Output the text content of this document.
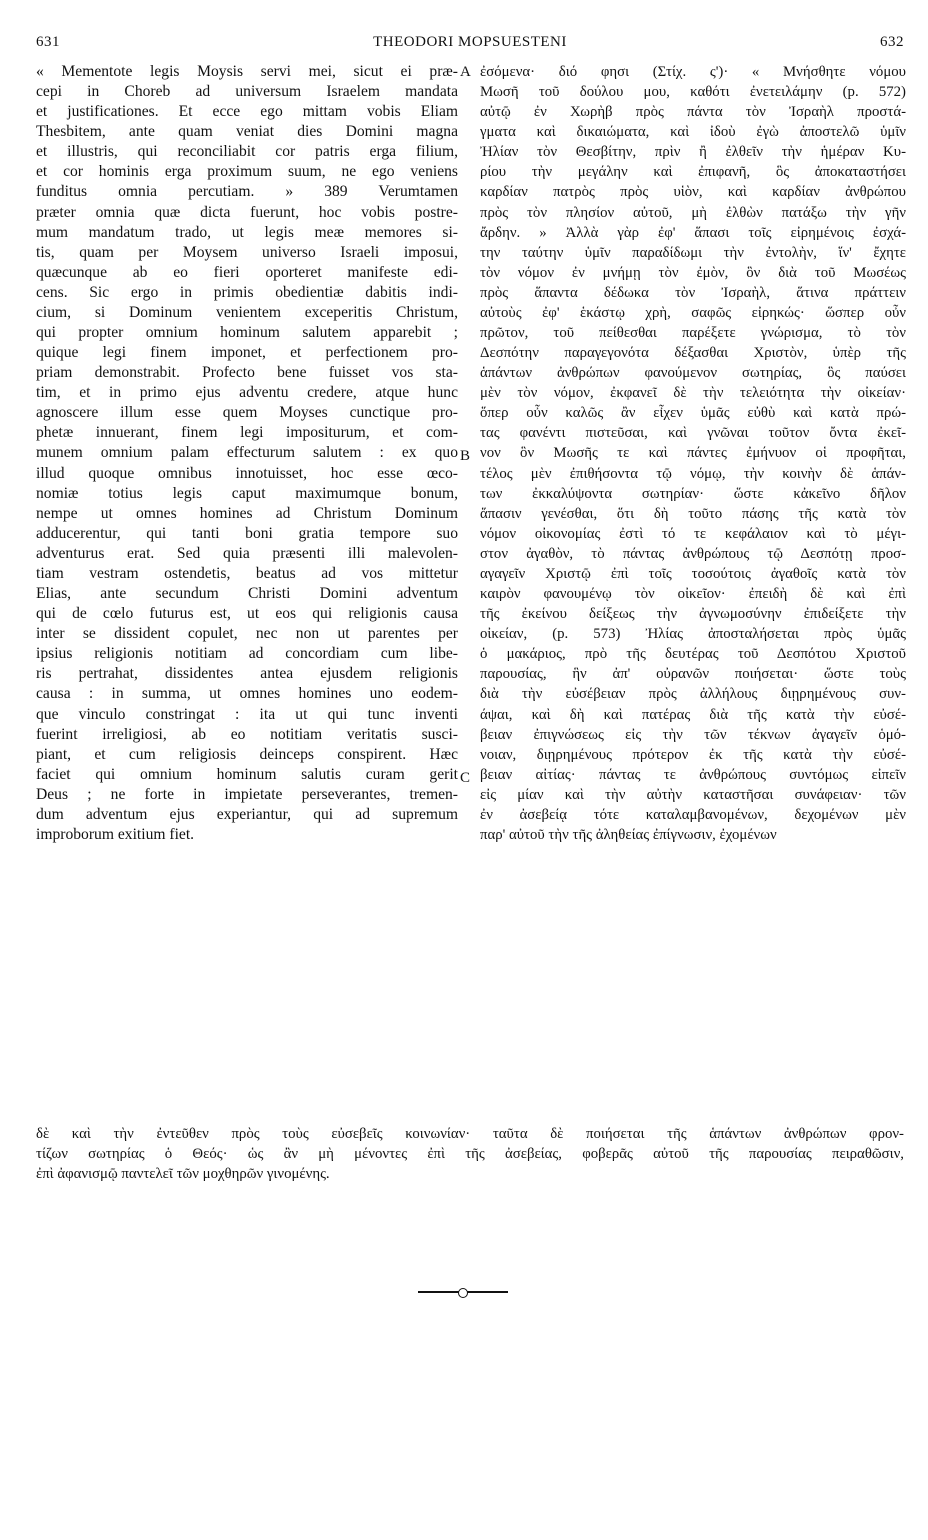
631	THEODORI MOPSUESTENI	632
« Mementote legis Moysis servi mei, sicut ei præ-
cepi in Choreb ad universum Israelem mandata
et justificationes. Et ecce ego mittam vobis Eliam
Thesbitem, ante quam veniat dies Domini magna
et illustris, qui reconciliabit cor patris erga filium,
et cor hominis erga proximum suum, ne ego veniens
funditus omnia percutiam. » 389 Verumtamen
præter omnia quæ dicta fuerunt, hoc vobis postre-
mum mandatum trado, ut legis meæ memores si-
tis, quam per Moysem universo Israeli imposui,
quæcunque ab eo fieri oporteret manifeste edi-
cens. Sic ergo in primis obedientiæ dabitis indi-
cium, si Dominum venientem exceperitis Christum,
qui propter omnium hominum salutem apparebit ;
quique legi finem imponet, et perfectionem pro-
priam demonstrabit. Profecto bene fuisset vos sta-
tim, et in primo ejus adventu credere, atque hunc
agnoscere illum esse quem Moyses cunctique pro-
phetæ innuerant, finem legi impositurum, et com-
munem omnium palam effecturum salutem : ex quo
illud quoque omnibus innotuisset, hoc esse œco-
nomiæ totius legis caput maximumque bonum,
nempe ut omnes homines ad Christum Dominum
adducerentur, qui tanti boni gratia tempore suo
adventurus erat. Sed quia præsenti illi malevolen-
tiam vestram ostendetis, beatus ad vos mittetur
Elias, ante secundum Christi Domini adventum
qui de cœlo futurus est, ut eos qui religionis causa
inter se dissident copulet, nec non ut parentes per
ipsius religionis notitiam ad concordiam cum libe-
ris pertrahat, dissidentes antea ejusdem religionis
causa : in summa, ut omnes homines uno eodem-
que vinculo constringat : ita ut qui tunc inventi
fuerint irreligiosi, ab eo notitiam veritatis susci-
piant, et cum religiosis deinceps conspirent. Hæc
faciet qui omnium hominum salutis curam gerit
Deus ; ne forte in impietate perseverantes, tremen-
dum adventum ejus experiantur, qui ad supremum
improborum exitium fiet.
ἐσόμενα· διό φησι (Στίχ. ς')· « Μνήσθητε νόμου
Μωσῆ τοῦ δούλου μου, καθότι ἐνετειλάμην (p. 572)
αὐτῷ ἐν Χωρὴβ πρὸς πάντα τὸν Ἰσραὴλ προστά-
γματα καὶ δικαιώματα, καὶ ἰδοὺ ἐγὼ ἀποστελῶ ὑμῖν
Ἠλίαν τὸν Θεσβίτην, πρὶν ἢ ἐλθεῖν τὴν ἡμέραν Κυ-
ρίου τὴν μεγάλην καὶ ἐπιφανῆ, ὃς ἀποκαταστήσει
καρδίαν πατρὸς πρὸς υἱὸν, καὶ καρδίαν ἀνθρώπου
πρὸς τὸν πλησίον αὐτοῦ, μὴ ἐλθὼν πατάξω τὴν γῆν
ἄρδην. » Ἀλλὰ γὰρ ἐφ' ἅπασι τοῖς εἰρημένοις ἐσχά-
την ταύτην ὑμῖν παραδίδωμι τὴν ἐντολὴν, ἵν' ἔχητε
τὸν νόμον ἐν μνήμῃ τὸν ἐμὸν, ὃν διὰ τοῦ Μωσέως
πρὸς ἅπαντα δέδωκα τὸν Ἰσραὴλ, ἅτινα πράττειν
αὐτοὺς ἐφ' ἑκάστῳ χρὴ, σαφῶς εἰρηκώς· ὥσπερ οὖν
πρῶτον, τοῦ πείθεσθαι παρέξετε γνώρισμα, τὸ τὸν
Δεσπότην παραγεγονότα δέξασθαι Χριστὸν, ὑπὲρ τῆς
ἁπάντων ἀνθρώπων φανούμενον σωτηρίας, ὃς παύσει
μὲν τὸν νόμον, ἐκφανεῖ δὲ τὴν τελειότητα τὴν οἰκείαν·
ὅπερ οὖν καλῶς ἂν εἶχεν ὑμᾶς εὐθὺ καὶ κατὰ πρώ-
τας φανέντι πιστεῦσαι, καὶ γνῶναι τοῦτον ὄντα ἐκεῖ-
νον ὃν Μωσῆς τε καὶ πάντες ἐμήνυον οἱ προφῆται,
τέλος μὲν ἐπιθήσοντα τῷ νόμῳ, τὴν κοινὴν δὲ ἁπάν-
των ἐκκαλύψοντα σωτηρίαν· ὥστε κἀκεῖνο δῆλον
ἅπασιν γενέσθαι, ὅτι δὴ τοῦτο πάσης τῆς κατὰ τὸν
νόμον οἰκονομίας ἐστὶ τό τε κεφάλαιον καὶ τὸ μέγι-
στον ἀγαθὸν, τὸ πάντας ἀνθρώπους τῷ Δεσπότῃ προσ-
αγαγεῖν Χριστῷ ἐπὶ τοῖς τοσούτοις ἀγαθοῖς κατὰ τὸν
καιρὸν φανουμένῳ τὸν οἰκεῖον· ἐπειδὴ δὲ καὶ ἐπὶ
τῆς ἐκείνου δείξεως τὴν ἀγνωμοσύνην ἐπιδείξετε τὴν
οἰκείαν, (p. 573) Ἠλίας ἀποσταλήσεται πρὸς ὑμᾶς
ὁ μακάριος, πρὸ τῆς δευτέρας τοῦ Δεσπότου Χριστοῦ
παρουσίας, ἣν ἀπ' οὐρανῶν ποιήσεται· ὥστε τοὺς
διὰ τὴν εὐσέβειαν πρὸς ἀλλήλους διῃρημένους συν-
άψαι, καὶ δὴ καὶ πατέρας διὰ τῆς κατὰ τὴν εὐσέ-
βειαν ἐπιγνώσεως εἰς τὴν τῶν τέκνων ἀγαγεῖν ὁμό-
νοιαν, διῃρημένους πρότερον ἐκ τῆς κατὰ τὴν εὐσέ-
βειαν αἰτίας· πάντας τε ἀνθρώπους συντόμως εἰπεῖν
εἰς μίαν καὶ τὴν αὐτὴν καταστῆσαι συνάφειαν· τῶν
ἐν ἀσεβείᾳ τότε καταλαμβανομένων, δεχομένων μὲν
παρ' αὐτοῦ τὴν τῆς ἀληθείας ἐπίγνωσιν, ἐχομένων
A
B
C
δὲ καὶ τὴν ἐντεῦθεν πρὸς τοὺς εὐσεβεῖς κοινωνίαν· ταῦτα δὲ ποιήσεται τῆς ἁπάντων ἀνθρώπων φρον-
τίζων σωτηρίας ὁ Θεός· ὡς ἂν μὴ μένοντες ἐπὶ τῆς ἀσεβείας, φοβερᾶς αὐτοῦ τῆς παρουσίας πειραθῶσιν,
ἐπὶ ἀφανισμῷ παντελεῖ τῶν μοχθηρῶν γινομένης.
